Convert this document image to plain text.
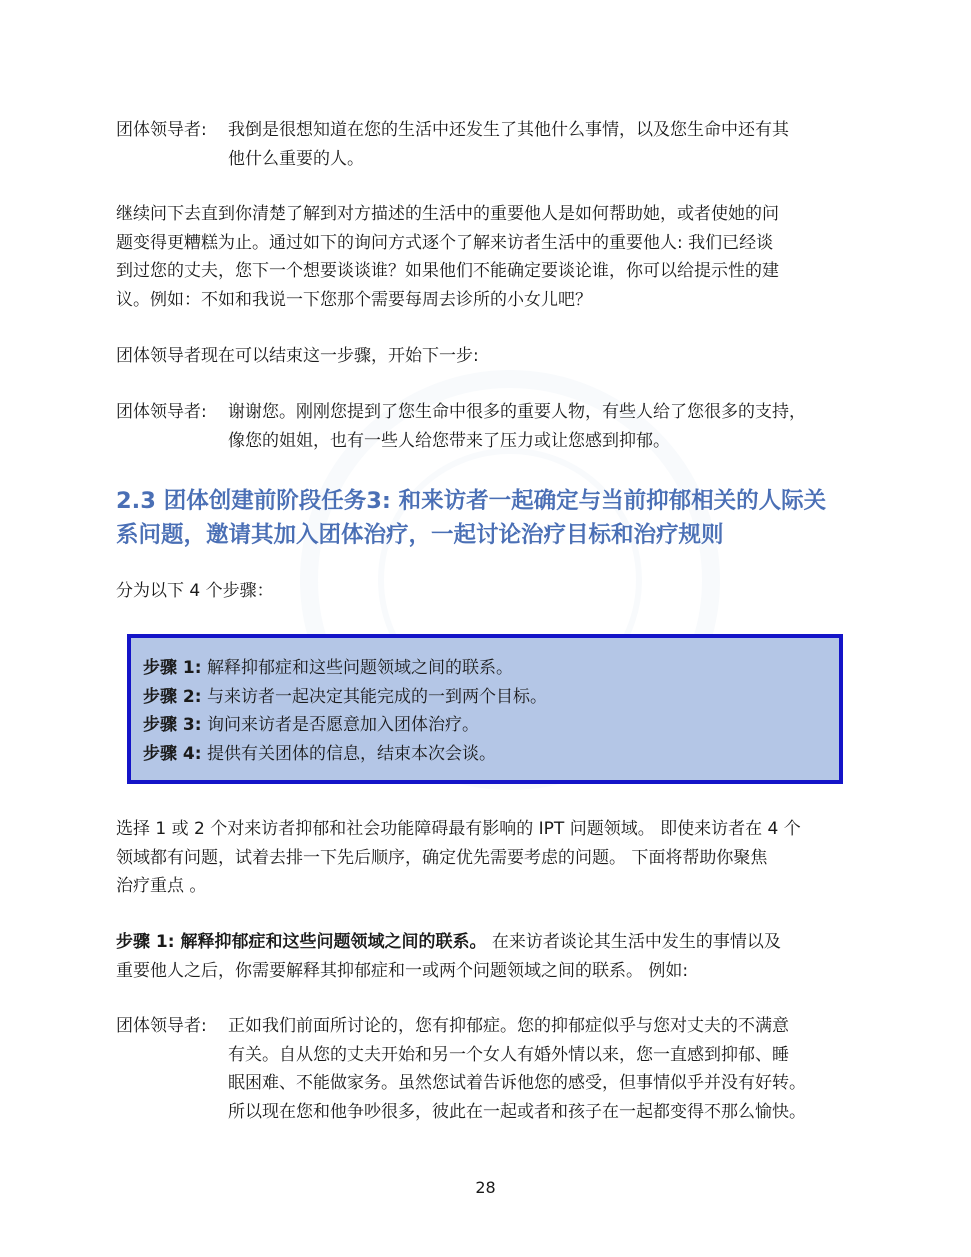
团体领导者:	我倒是很想知道在您的生活中还发生了其他什么事情，以及您生命中还有其
他什么重要的人。
继续问下去直到你清楚了解到对方描述的生活中的重要他人是如何帮助她，或者使她的问
题变得更糟糕为止。通过如下的询问方式逐个了解来访者生活中的重要他人: 我们已经谈
到过您的丈夫，您下一个想要谈谈谁？如果他们不能确定要谈论谁，你可以给提示性的建
议。例如：不如和我说一下您那个需要每周去诊所的小女儿吧？
团体领导者现在可以结束这一步骤，开始下一步:
团体领导者:	谢谢您。刚刚您提到了您生命中很多的重要人物，有些人给了您很多的支持，
像您的姐姐，也有一些人给您带来了压力或让您感到抑郁。
2.3 团体创建前阶段任务3: 和来访者一起确定与当前抑郁相关的人际关
系问题，邀请其加入团体治疗，一起讨论治疗目标和治疗规则
分为以下 4 个步骤：
步骤 1: 解释抑郁症和这些问题领域之间的联系。
步骤 2: 与来访者一起决定其能完成的一到两个目标。
步骤 3: 询问来访者是否愿意加入团体治疗。
步骤 4: 提供有关团体的信息，结束本次会谈。
选择 1 或 2 个对来访者抑郁和社会功能障碍最有影响的 IPT 问题领域。 即使来访者在 4 个
领域都有问题，试着去排一下先后顺序，确定优先需要考虑的问题。 下面将帮助你聚焦
治疗重点 。
步骤 1: 解释抑郁症和这些问题领域之间的联系。 在来访者谈论其生活中发生的事情以及
重要他人之后，你需要解释其抑郁症和一或两个问题领域之间的联系。 例如:
团体领导者:	正如我们前面所讨论的，您有抑郁症。您的抑郁症似乎与您对丈夫的不满意
有关。自从您的丈夫开始和另一个女人有婚外情以来，您一直感到抑郁、睡
眠困难、不能做家务。虽然您试着告诉他您的感受，但事情似乎并没有好转。
所以现在您和他争吵很多，彼此在一起或者和孩子在一起都变得不那么愉快。
28
